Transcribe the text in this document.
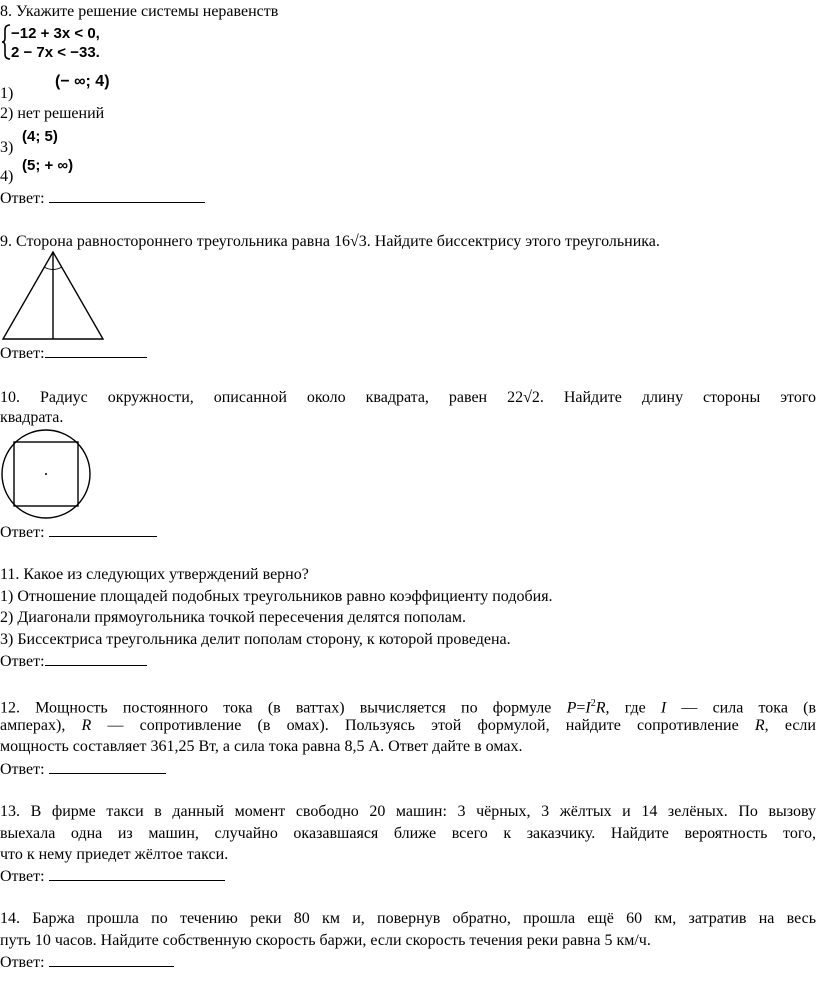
8. Укажите решение системы неравенств
−12 + 3x < 0,
2 − 7x < −33.
1)
(− ∞; 4)
2) нет решений
3)
(4; 5)
4)
(5; + ∞)
Ответ:
9. Сторона равностороннего треугольника равна 16√3. Найдите биссектрису этого треугольника.
Ответ:
10. Радиус окружности, описанной около квадрата, равен 22√2. Найдите длину стороны этого
квадрата.
Ответ:
11. Какое из следующих утверждений верно?
1) Отношение площадей подобных треугольников равно коэффициенту подобия.
2) Диагонали прямоугольника точкой пересечения делятся пополам.
3) Биссектриса треугольника делит пополам сторону, к которой проведена.
Ответ:
12. Мощность постоянного тока (в ваттах) вычисляется по формуле $P=I^2R$, где I — сила тока (в
амперах), R — сопротивление (в омах). Пользуясь этой формулой, найдите сопротивление R, если
мощность составляет 361,25 Вт, а сила тока равна 8,5 А. Ответ дайте в омах.
Ответ:
13. В фирме такси в данный момент свободно 20 машин: 3 чёрных, 3 жёлтых и 14 зелёных. По вызову
выехала одна из машин, случайно оказавшаяся ближе всего к заказчику. Найдите вероятность того,
что к нему приедет жёлтое такси.
Ответ:
14. Баржа прошла по течению реки 80 км и, повернув обратно, прошла ещё 60 км, затратив на весь
путь 10 часов. Найдите собственную скорость баржи, если скорость течения реки равна 5 км/ч.
Ответ:
